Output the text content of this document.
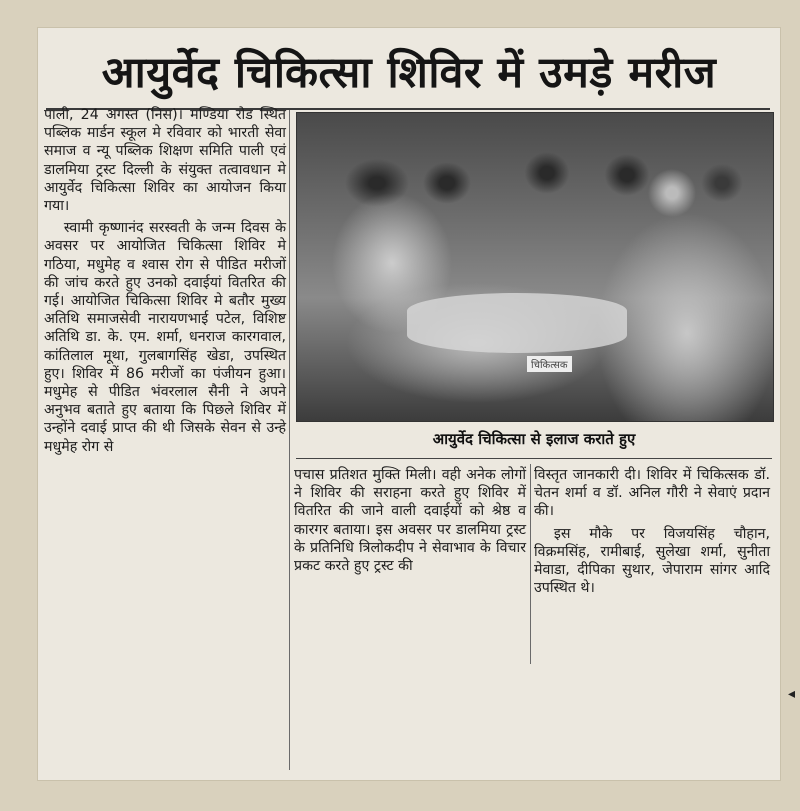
आयुर्वेद चिकित्सा शिविर में उमड़े मरीज

पाली, 24 अगस्त (निस)। मण्डिया रोड स्थित पब्लिक मार्डन स्कूल मे रविवार को भारती सेवा समाज व न्यू पब्लिक शिक्षण समिति पाली एवं डालमिया ट्रस्ट दिल्ली के संयुक्त तत्वावधान मे आयुर्वेद चिकित्सा शिविर का आयोजन किया गया।

स्वामी कृष्णानंद सरस्वती के जन्म दिवस के अवसर पर आयोजित चिकित्सा शिविर मे गठिया, मधुमेह व श्वास रोग से पीडित मरीजों की जांच करते हुए उनको दवाईयां वितरित की गई। आयोजित चिकित्सा शिविर मे बतौर मुख्य अतिथि समाजसेवी नारायणभाई पटेल, विशिष्ट अतिथि डा. के. एम. शर्मा, धनराज कारगवाल, कांतिलाल मूथा, गुलबागसिंह खेडा, उपस्थित हुए। शिविर में 86 मरीजों का पंजीयन हुआ। मधुमेह से पीडित भंवरलाल सैनी ने अपने अनुभव बताते हुए बताया कि पिछले शिविर में उन्होंने दवाई प्राप्त की थी जिसके सेवन से उन्हे मधुमेह रोग से

चिकित्सक
आयुर्वेद चिकित्सा से इलाज कराते हुए

पचास प्रतिशत मुक्ति मिली। वही अनेक लोगों ने शिविर की सराहना करते हुए शिविर में वितरित की जाने वाली दवाईयों को श्रेष्ठ व कारगर बताया। इस अवसर पर डालमिया ट्रस्ट के प्रतिनिधि त्रिलोकदीप ने सेवाभाव के विचार प्रकट करते हुए ट्रस्ट की

विस्तृत जानकारी दी। शिविर में चिकित्सक डॉ. चेतन शर्मा व डॉ. अनिल गौरी ने सेवाएं प्रदान की।

इस मौके पर विजयसिंह चौहान, विक्रमसिंह, रामीबाई, सुलेखा शर्मा, सुनीता मेवाडा, दीपिका सुथार, जेपाराम सांगर आदि उपस्थित थे।

◂
